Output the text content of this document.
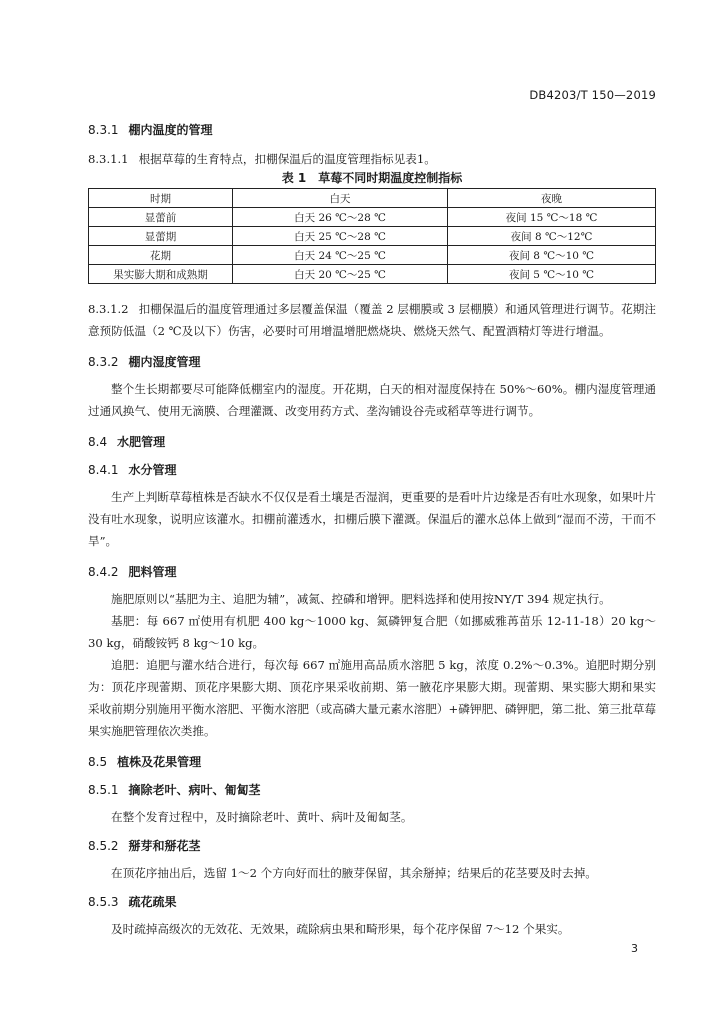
DB4203/T 150—2019
8.3.1 棚内温度的管理

8.3.1.1 根据草莓的生育特点，扣棚保温后的温度管理指标见表1。

表 1　草莓不同时期温度控制指标
时期	白天	夜晚
显蕾前	白天 26 ℃～28 ℃	夜间 15 ℃～18 ℃
显蕾期	白天 25 ℃～28 ℃	夜间 8 ℃～12℃
花期	白天 24 ℃～25 ℃	夜间 8 ℃～10 ℃
果实膨大期和成熟期	白天 20 ℃～25 ℃	夜间 5 ℃～10 ℃

8.3.1.2 扣棚保温后的温度管理通过多层覆盖保温（覆盖 2 层棚膜或 3 层棚膜）和通风管理进行调节。花期注意预防低温（2 ℃及以下）伤害，必要时可用增温增肥燃烧块、燃烧天然气、配置酒精灯等进行增温。

8.3.2 棚内湿度管理

整个生长期都要尽可能降低棚室内的湿度。开花期，白天的相对湿度保持在 50%～60%。棚内湿度管理通过通风换气、使用无滴膜、合理灌溉、改变用药方式、垄沟铺设谷壳或稻草等进行调节。

8.4 水肥管理
8.4.1 水分管理

生产上判断草莓植株是否缺水不仅仅是看土壤是否湿润，更重要的是看叶片边缘是否有吐水现象，如果叶片没有吐水现象，说明应该灌水。扣棚前灌透水，扣棚后膜下灌溉。保温后的灌水总体上做到“湿而不涝，干而不旱”。

8.4.2 肥料管理

施肥原则以“基肥为主、追肥为辅”，减氮、控磷和增钾。肥料选择和使用按NY/T 394 规定执行。

基肥：每 667 ㎡使用有机肥 400 kg～1000 kg、氮磷钾复合肥（如挪威雅苒苗乐 12-11-18）20 kg～30 kg，硝酸铵钙 8 kg～10 kg。

追肥：追肥与灌水结合进行，每次每 667 ㎡施用高品质水溶肥 5 kg，浓度 0.2%～0.3%。追肥时期分别为：顶花序现蕾期、顶花序果膨大期、顶花序果采收前期、第一腋花序果膨大期。现蕾期、果实膨大期和果实采收前期分别施用平衡水溶肥、平衡水溶肥（或高磷大量元素水溶肥）+磷钾肥、磷钾肥，第二批、第三批草莓果实施肥管理依次类推。

8.5 植株及花果管理
8.5.1 摘除老叶、病叶、匍匐茎

在整个发育过程中，及时摘除老叶、黄叶、病叶及匍匐茎。

8.5.2 掰芽和掰花茎

在顶花序抽出后，选留 1～2 个方向好而壮的腋芽保留，其余掰掉；结果后的花茎要及时去掉。

8.5.3 疏花疏果

及时疏掉高级次的无效花、无效果，疏除病虫果和畸形果，每个花序保留 7～12 个果实。

3
